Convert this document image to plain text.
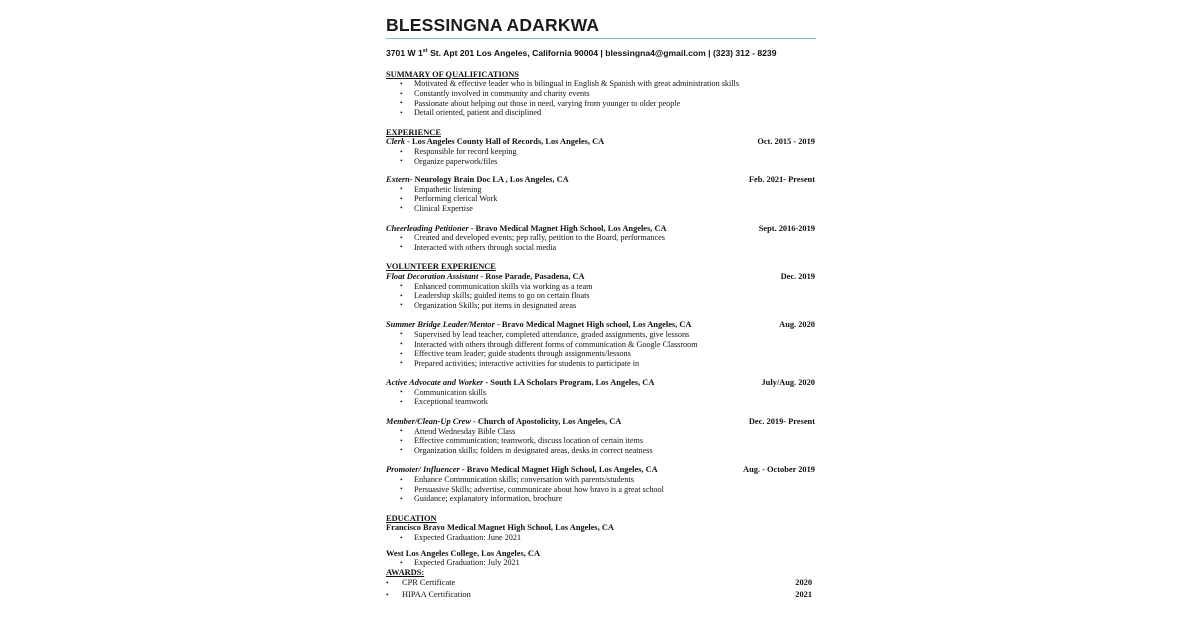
BLESSINGNA ADARKWA
3701 W 1st St. Apt 201 Los Angeles, California 90004 | blessingna4@gmail.com | (323) 312 - 8239
SUMMARY OF QUALIFICATIONS
• Motivated & effective leader who is bilingual in English & Spanish with great administration skills
• Constantly involved in community and charity events
• Passionate about helping out those in need, varying from younger to older people
• Detail oriented, patient and disciplined
EXPERIENCE
Clerk - Los Angeles County Hall of Records, Los Angeles, CA	Oct. 2015 - 2019
• Responsible for record keeping
• Organize paperwork/files
Extern- Neurology Brain Doc LA , Los Angeles, CA	Feb. 2021- Present
• Empathetic listening
• Performing clerical Work
• Clinical Expertise
Cheerleading Petitioner - Bravo Medical Magnet High School, Los Angeles, CA	Sept. 2016-2019
• Created and developed events; pep rally, petition to the Board, performances
• Interacted with others through social media
VOLUNTEER EXPERIENCE
Float Decoration Assistant - Rose Parade, Pasadena, CA	Dec. 2019
• Enhanced communication skills via working as a team
• Leadership skills; guided items to go on certain floats
• Organization Skills; put items in designated areas
Summer Bridge Leader/Mentor - Bravo Medical Magnet High school, Los Angeles, CA	Aug. 2020
• Supervised by lead teacher, completed attendance, graded assignments, give lessons
• Interacted with others through different forms of communication & Google Classroom
• Effective team leader; guide students through assignments/lessons
• Prepared activities; interactive activities for students to participate in
Active Advocate and Worker - South LA Scholars Program, Los Angeles, CA	July/Aug. 2020
• Communication skills
• Exceptional teamwork
Member/Clean-Up Crew - Church of Apostolicity, Los Angeles, CA	Dec. 2019- Present
• Attend Wednesday Bible Class
• Effective communication; teamwork, discuss location of certain items
• Organization skills; folders in designated areas, desks in correct neatness
Promoter/ Influencer - Bravo Medical Magnet High School, Los Angeles, CA	Aug. - October 2019
• Enhance Communication skills; conversation with parents/students
• Persuasive Skills; advertise, communicate about how bravo is a great school
• Guidance; explanatory information, brochure
EDUCATION
Francisco Bravo Medical Magnet High School, Los Angeles, CA
• Expected Graduation: June 2021
West Los Angeles College, Los Angeles, CA
• Expected Graduation: July 2021
AWARDS:
• CPR Certificate	2020
• HIPAA Certification	2021
